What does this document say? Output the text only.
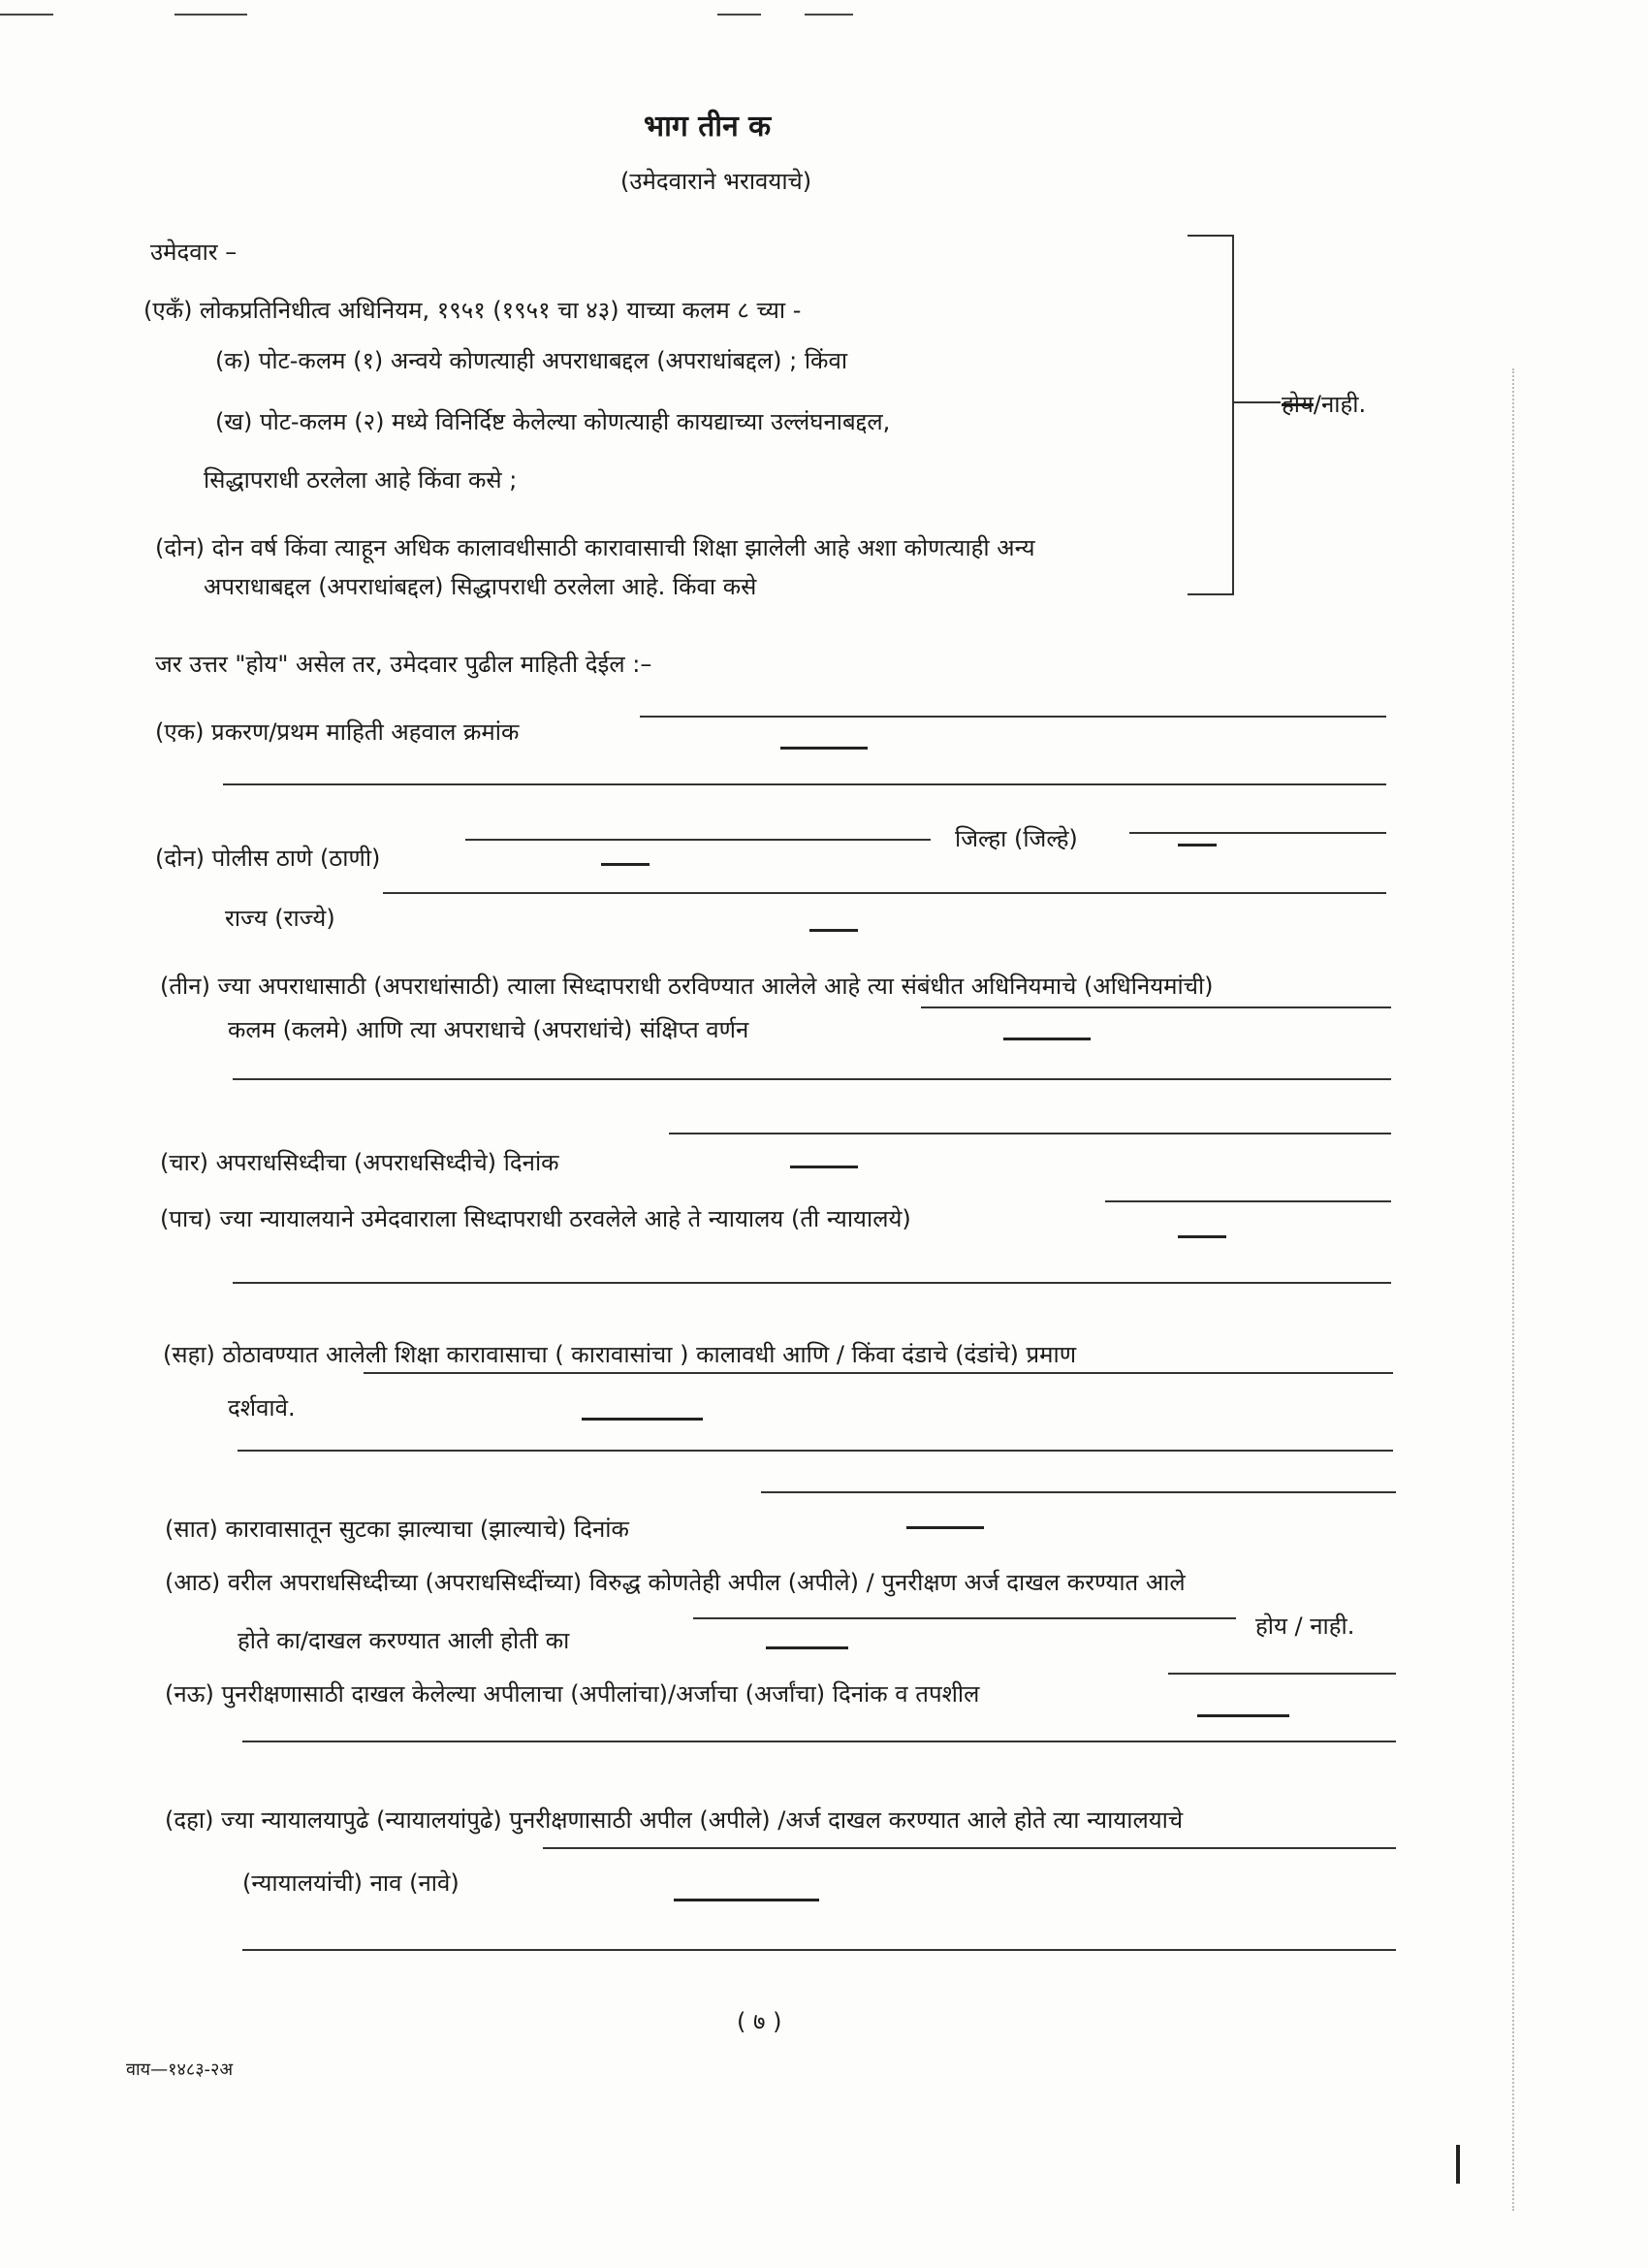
भाग तीन क
(उमेदवाराने भरावयाचे)
उमेदवार –
(एकँ) लोकप्रतिनिधीत्व अधिनियम, १९५१ (१९५१ चा ४३) याच्या कलम ८ च्या -
(क) पोट-कलम (१) अन्वये कोणत्याही अपराधाबद्दल (अपराधांबद्दल) ; किंवा
(ख) पोट-कलम (२) मध्ये विनिर्दिष्ट केलेल्या कोणत्याही कायद्याच्या उल्लंघनाबद्दल,
सिद्धापराधी ठरलेला आहे किंवा कसे ;
(दोन) दोन वर्ष किंवा त्याहून अधिक कालावधीसाठी कारावासाची शिक्षा झालेली आहे अशा कोणत्याही अन्य
अपराधाबद्दल (अपराधांबद्दल) सिद्धापराधी ठरलेला आहे. किंवा कसे
होय/नाही.
जर उत्तर "होय" असेल तर, उमेदवार पुढील माहिती देईल :–
(एक) प्रकरण/प्रथम माहिती अहवाल क्रमांक
(दोन) पोलीस ठाणे (ठाणी)
जिल्हा (जिल्हे)
राज्य (राज्ये)
(तीन) ज्या अपराधासाठी (अपराधांसाठी) त्याला सिध्दापराधी ठरविण्यात आलेले आहे त्या संबंधीत अधिनियमाचे (अधिनियमांची)
कलम (कलमे) आणि त्या अपराधाचे (अपराधांचे) संक्षिप्त वर्णन
(चार) अपराधसिध्दीचा (अपराधसिध्दीचे) दिनांक
(पाच) ज्या न्यायालयाने उमेदवाराला सिध्दापराधी ठरवलेले आहे ते न्यायालय (ती न्यायालये)
(सहा) ठोठावण्यात आलेली शिक्षा कारावासाचा ( कारावासांचा ) कालावधी आणि / किंवा दंडाचे (दंडांचे) प्रमाण
दर्शवावे.
(सात) कारावासातून सुटका झाल्याचा (झाल्याचे) दिनांक
(आठ) वरील अपराधसिध्दीच्या (अपराधसिध्दींच्या) विरुद्ध कोणतेही अपील (अपीले) / पुनरीक्षण अर्ज दाखल करण्यात आले
होते का/दाखल करण्यात आली होती का
होय / नाही.
(नऊ) पुनरीक्षणासाठी दाखल केलेल्या अपीलाचा (अपीलांचा)/अर्जाचा (अर्जांचा) दिनांक व तपशील
(दहा) ज्या न्यायालयापुढे (न्यायालयांपुढे) पुनरीक्षणासाठी अपील (अपीले) /अर्ज दाखल करण्यात आले होते त्या न्यायालयाचे
(न्यायालयांची) नाव (नावे)
( ७ )
वाय—१४८३-२अ
